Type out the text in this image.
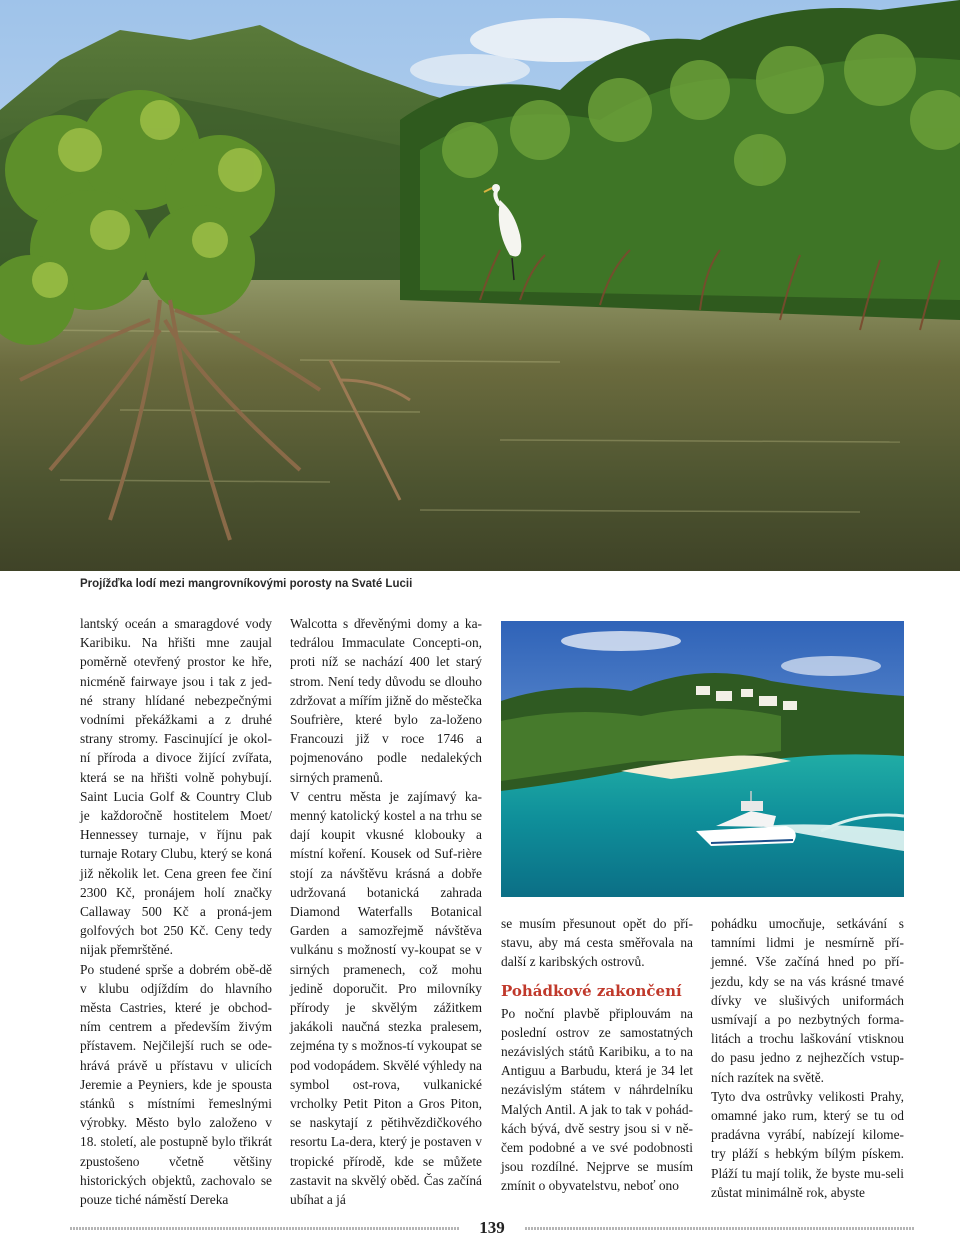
Projížďka lodí mezi mangrovníkovými porosty na Svaté Lucii

lantský oceán a smaragdové vody Karibiku. Na hřišti mne zaujal poměrně otevřený prostor ke hře, nicméně fairwaye jsou i tak z jed-né strany hlídané nebezpečnými vodními překážkami a z druhé strany stromy. Fascinující je okol-ní příroda a divoce žijící zvířata, která se na hřišti volně pohybují. Saint Lucia Golf & Country Club je každoročně hostitelem Moet/ Hennessey turnaje, v říjnu pak turnaje Rotary Clubu, který se koná již několik let. Cena green fee činí 2300 Kč, pronájem holí značky Callaway 500 Kč a proná-jem golfových bot 250 Kč. Ceny tedy nijak přemrštěné.

Po studené sprše a dobrém obě-dě v klubu odjíždím do hlavního města Castries, které je obchod-ním centrem a především živým přístavem. Nejčilejší ruch se ode-hrává právě u přístavu v ulicích Jeremie a Peyniers, kde je spousta stánků s místními řemeslnými výrobky. Město bylo založeno v 18. století, ale postupně bylo třikrát zpustošeno včetně většiny historických objektů, zachovalo se pouze tiché náměstí Dereka

Walcotta s dřevěnými domy a ka-tedrálou Immaculate Concepti-on, proti níž se nachází 400 let starý strom. Není tedy důvodu se dlouho zdržovat a mířím jižně do městečka Soufrière, které bylo za-loženo Francouzi již v roce 1746 a pojmenováno podle nedalekých sirných pramenů.

V centru města je zajímavý ka-menný katolický kostel a na trhu se dají koupit vkusné klobouky a místní koření. Kousek od Suf-rière stojí za návštěvu krásná a dobře udržovaná botanická zahrada Diamond Waterfalls Botanical Garden a samozřejmě návštěva vulkánu s možností vy-koupat se v sirných pramenech, což mohu jedině doporučit. Pro milovníky přírody je skvělým zážitkem jakákoli naučná stezka pralesem, zejména ty s možnos-tí vykoupat se pod vodopádem. Skvělé výhledy na symbol ost-rova, vulkanické vrcholky Petit Piton a Gros Piton, se naskytají z pětihvězdičkového resortu La-dera, který je postaven v tropické přírodě, kde se můžete zastavit na skvělý oběd. Čas začíná ubíhat a já

se musím přesunout opět do pří-stavu, aby má cesta směřovala na další z karibských ostrovů.

Pohádkové zakončení

Po noční plavbě připlouvám na poslední ostrov ze samostatných nezávislých států Karibiku, a to na Antiguu a Barbudu, která je 34 let nezávislým státem v náhrdelníku Malých Antil. A jak to tak v pohád-kách bývá, dvě sestry jsou si v ně-čem podobné a ve své podobnosti jsou rozdílné. Nejprve se musím zmínit o obyvatelstvu, neboť ono

pohádku umocňuje, setkávání s tamními lidmi je nesmírně pří-jemné. Vše začíná hned po pří-jezdu, kdy se na vás krásné tmavé dívky ve slušivých uniformách usmívají a po nezbytných forma-litách a trochu laškování vtisknou do pasu jedno z nejhezčích vstup-ních razítek na světě.

Tyto dva ostrůvky velikosti Prahy, omamné jako rum, který se tu od pradávna vyrábí, nabízejí kilome-try pláží s hebkým bílým pískem. Pláží tu mají tolik, že byste mu-seli zůstat minimálně rok, abyste

139
